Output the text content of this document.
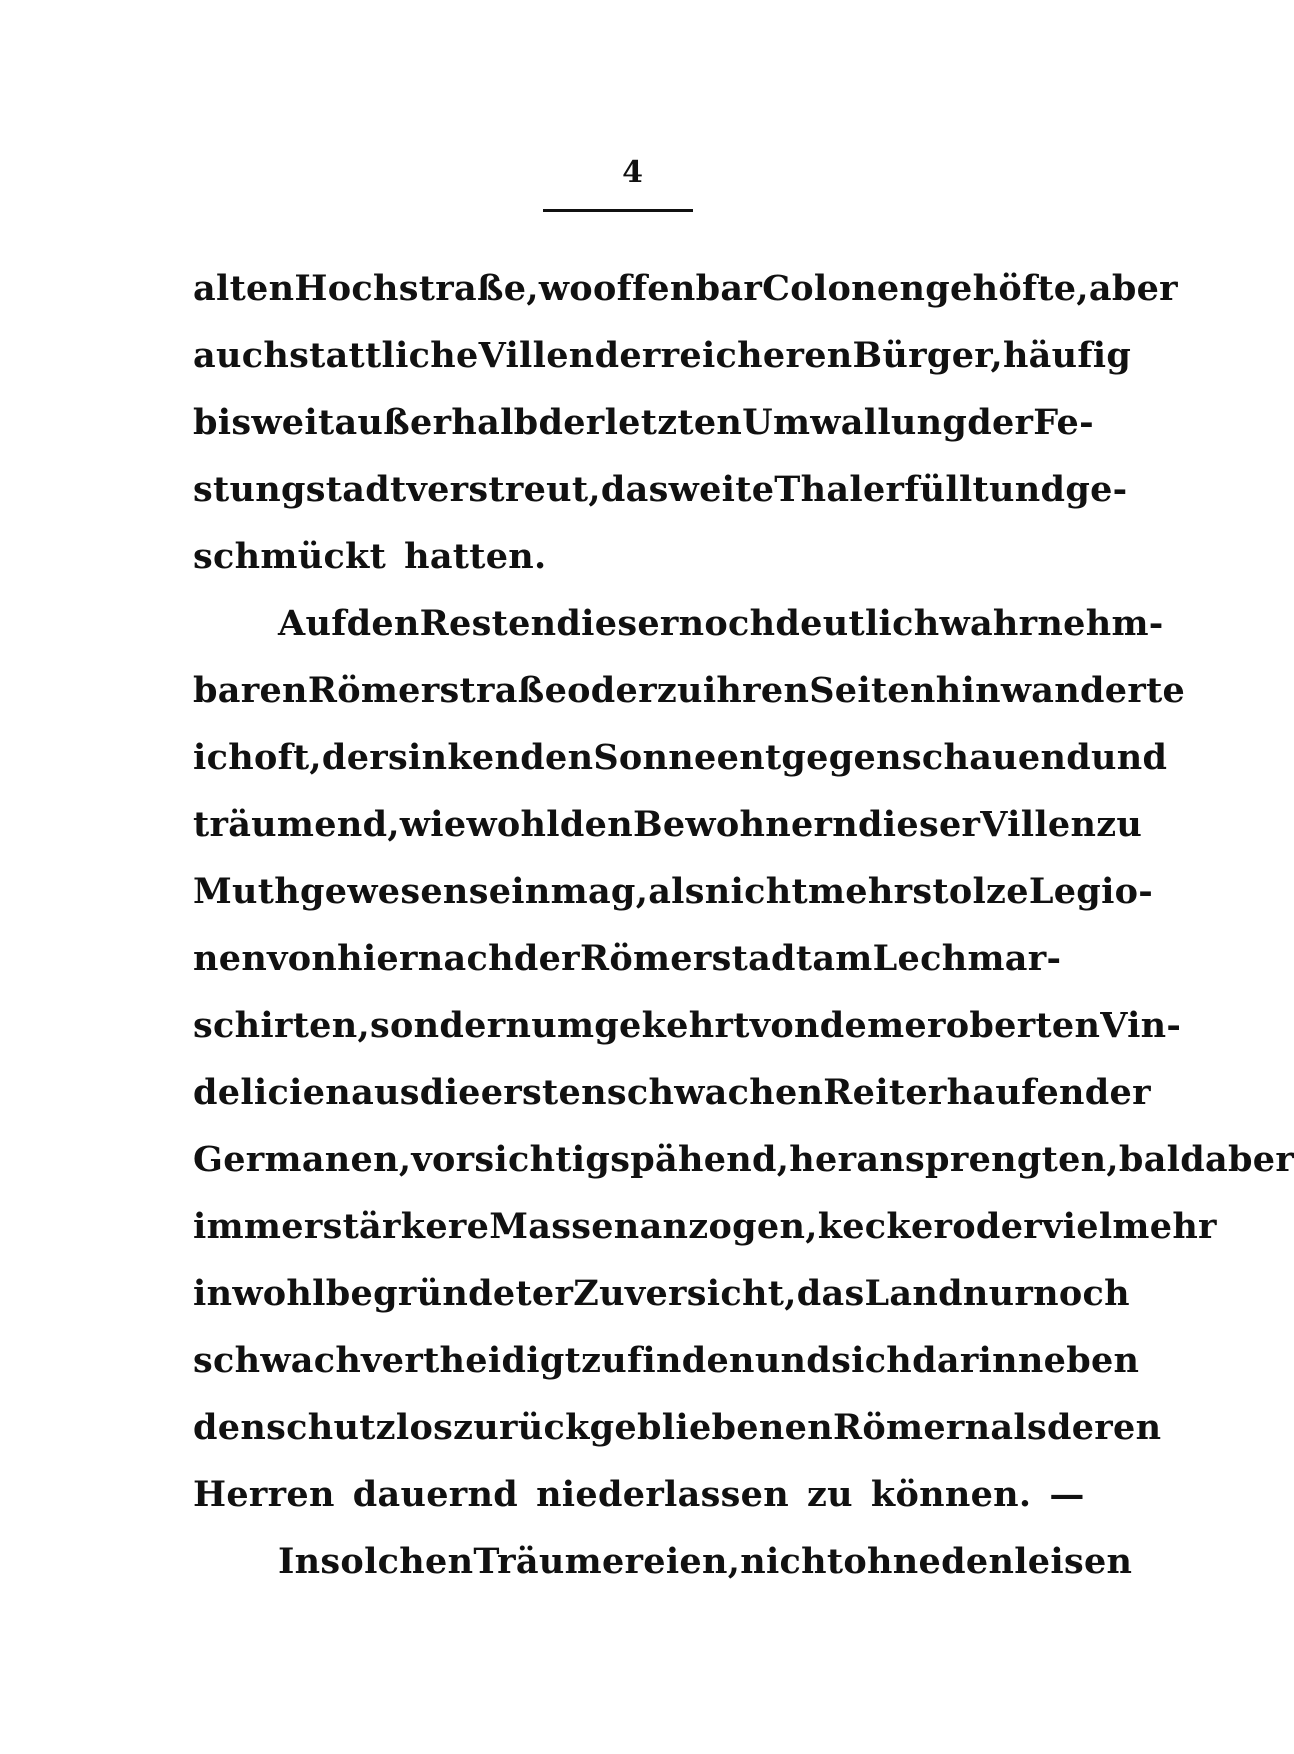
4
alten Hochstraße, wo offenbar Colonengehöfte, aber
auch stattliche Villen der reicheren Bürger, häufig
bis weit außerhalb der letzten Umwallung der Fe-
stungstadt verstreut, das weite Thal erfüllt und ge-
schmückt hatten.
Auf den Resten dieser noch deutlich wahrnehm-
baren Römerstraße oder zu ihren Seiten hin wanderte
ich oft, der sinkenden Sonne entgegenschauend und
träumend, wie wohl den Bewohnern dieser Villen zu
Muth gewesen sein mag, als nicht mehr stolze Legio-
nen von hier nach der Römerstadt am Lech mar-
schirten, sondern umgekehrt von dem eroberten Vin-
delicien aus die ersten schwachen Reiterhaufen der
Germanen, vorsichtig spähend, heransprengten, bald aber
immer stärkere Massen anzogen, kecker oder vielmehr
in wohlbegründeter Zuversicht, das Land nur noch
schwach vertheidigt zu finden und sich darin neben
den schutzlos zurückgebliebenen Römern als deren
Herren dauernd niederlassen zu können. —
In solchen Träumereien, nicht ohne den leisen
